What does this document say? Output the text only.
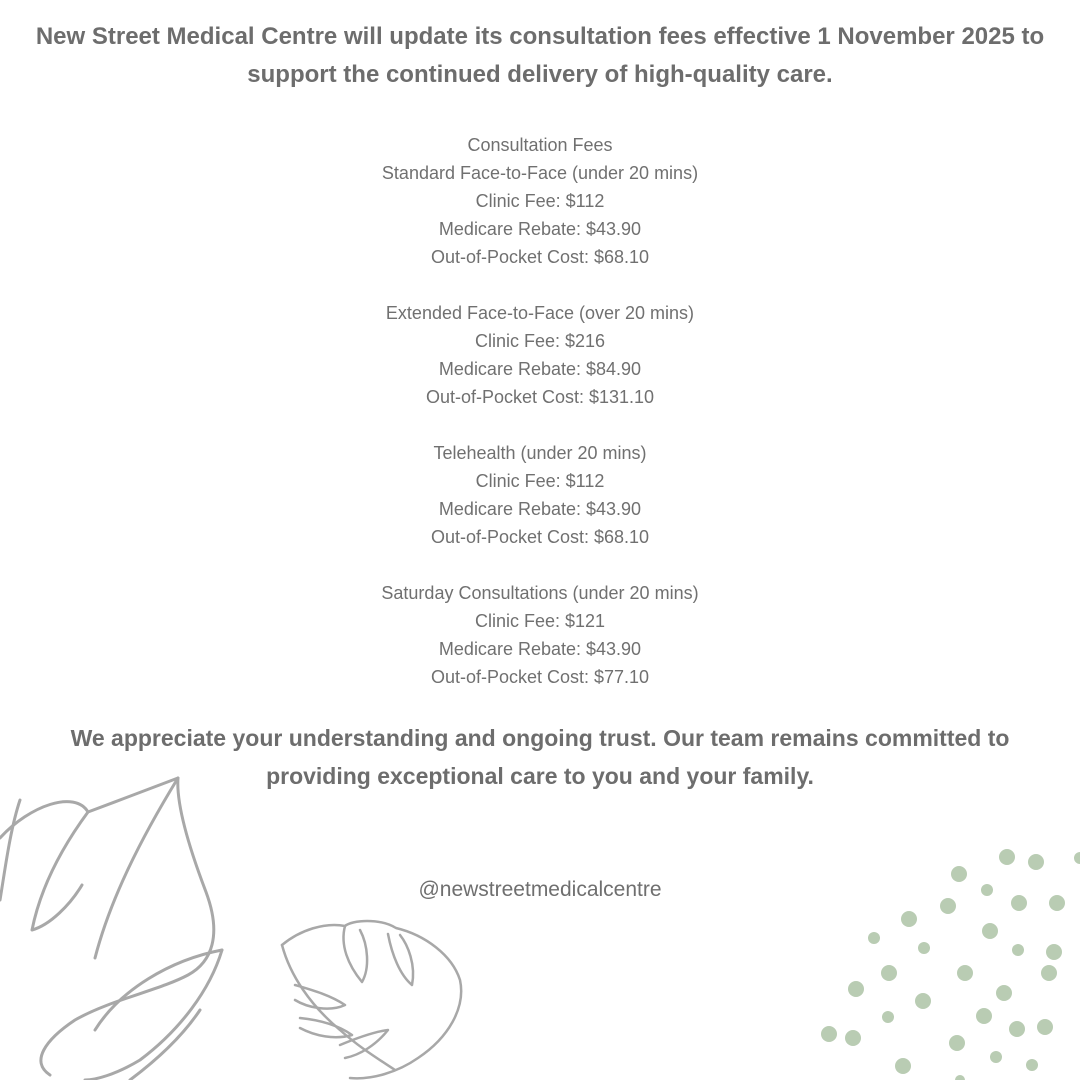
New Street Medical Centre will update its consultation fees effective 1 November 2025 to support the continued delivery of high-quality care.
Consultation Fees
Standard Face-to-Face (under 20 mins)
Clinic Fee: $112
Medicare Rebate: $43.90
Out-of-Pocket Cost: $68.10
Extended Face-to-Face (over 20 mins)
Clinic Fee: $216
Medicare Rebate: $84.90
Out-of-Pocket Cost: $131.10
Telehealth (under 20 mins)
Clinic Fee: $112
Medicare Rebate: $43.90
Out-of-Pocket Cost: $68.10
Saturday Consultations (under 20 mins)
Clinic Fee: $121
Medicare Rebate: $43.90
Out-of-Pocket Cost: $77.10

We appreciate your understanding and ongoing trust. Our team remains committed to providing exceptional care to you and your family.

@newstreetmedicalcentre
